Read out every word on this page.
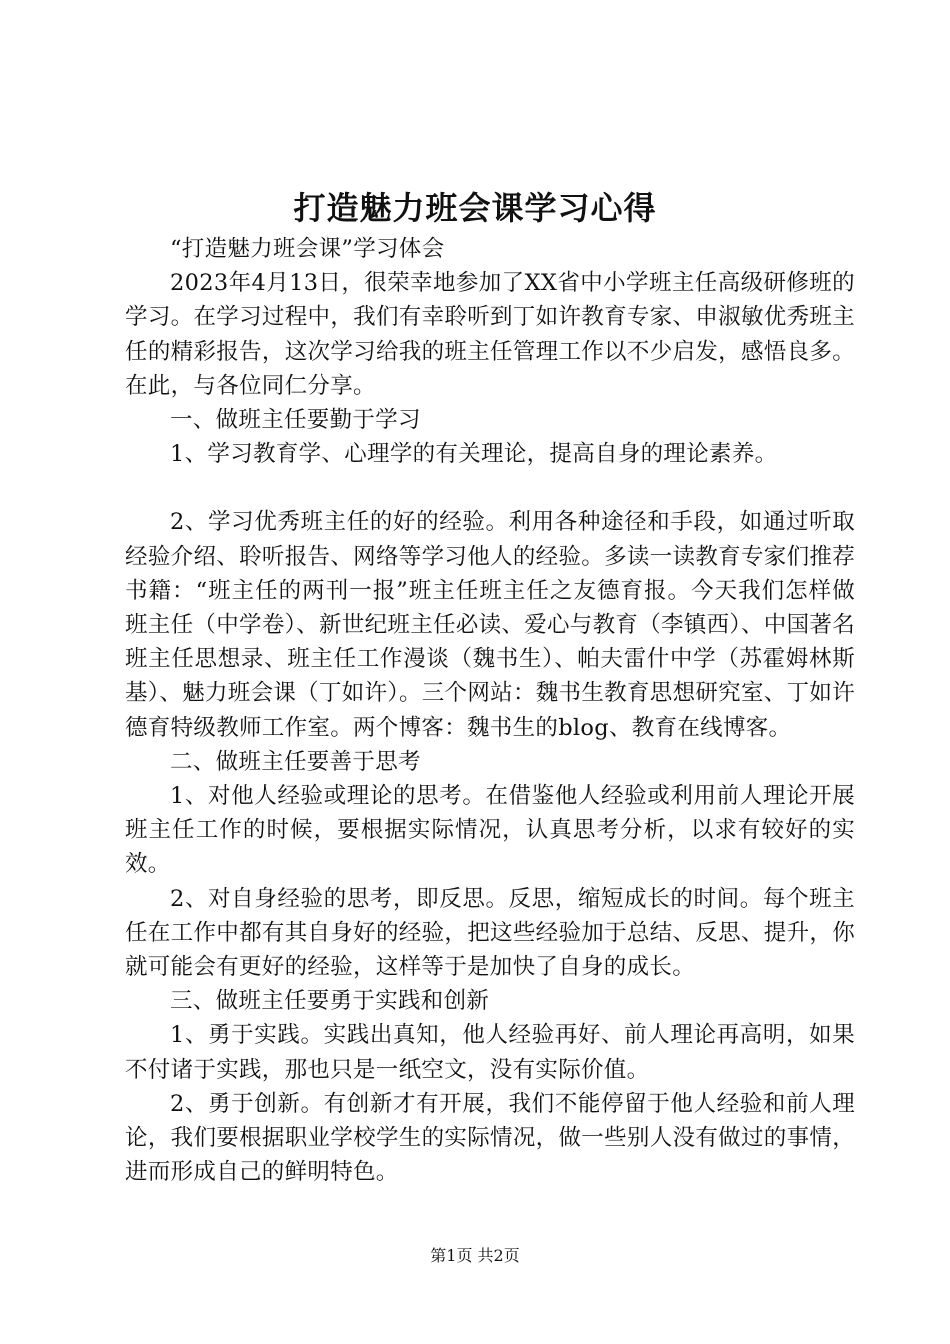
打造魅力班会课学习心得

“打造魅力班会课”学习体会

2023年4月13日，很荣幸地参加了XX省中小学班主任高级研修班的学习。在学习过程中，我们有幸聆听到丁如许教育专家、申淑敏优秀班主任的精彩报告，这次学习给我的班主任管理工作以不少启发，感悟良多。在此，与各位同仁分享。

一、做班主任要勤于学习

1、学习教育学、心理学的有关理论，提高自身的理论素养。

2、学习优秀班主任的好的经验。利用各种途径和手段，如通过听取经验介绍、聆听报告、网络等学习他人的经验。多读一读教育专家们推荐书籍：“班主任的两刊一报”班主任班主任之友德育报。今天我们怎样做班主任（中学卷）、新世纪班主任必读、爱心与教育（李镇西）、中国著名班主任思想录、班主任工作漫谈（魏书生）、帕夫雷什中学（苏霍姆林斯基）、魅力班会课（丁如许）。三个网站：魏书生教育思想研究室、丁如许德育特级教师工作室。两个博客：魏书生的blog、教育在线博客。

二、做班主任要善于思考

1、对他人经验或理论的思考。在借鉴他人经验或利用前人理论开展班主任工作的时候，要根据实际情况，认真思考分析，以求有较好的实效。

2、对自身经验的思考，即反思。反思，缩短成长的时间。每个班主任在工作中都有其自身好的经验，把这些经验加于总结、反思、提升，你就可能会有更好的经验，这样等于是加快了自身的成长。

三、做班主任要勇于实践和创新

1、勇于实践。实践出真知，他人经验再好、前人理论再高明，如果不付诸于实践，那也只是一纸空文，没有实际价值。

2、勇于创新。有创新才有开展，我们不能停留于他人经验和前人理论，我们要根据职业学校学生的实际情况，做一些别人没有做过的事情，进而形成自己的鲜明特色。

第1页 共2页
